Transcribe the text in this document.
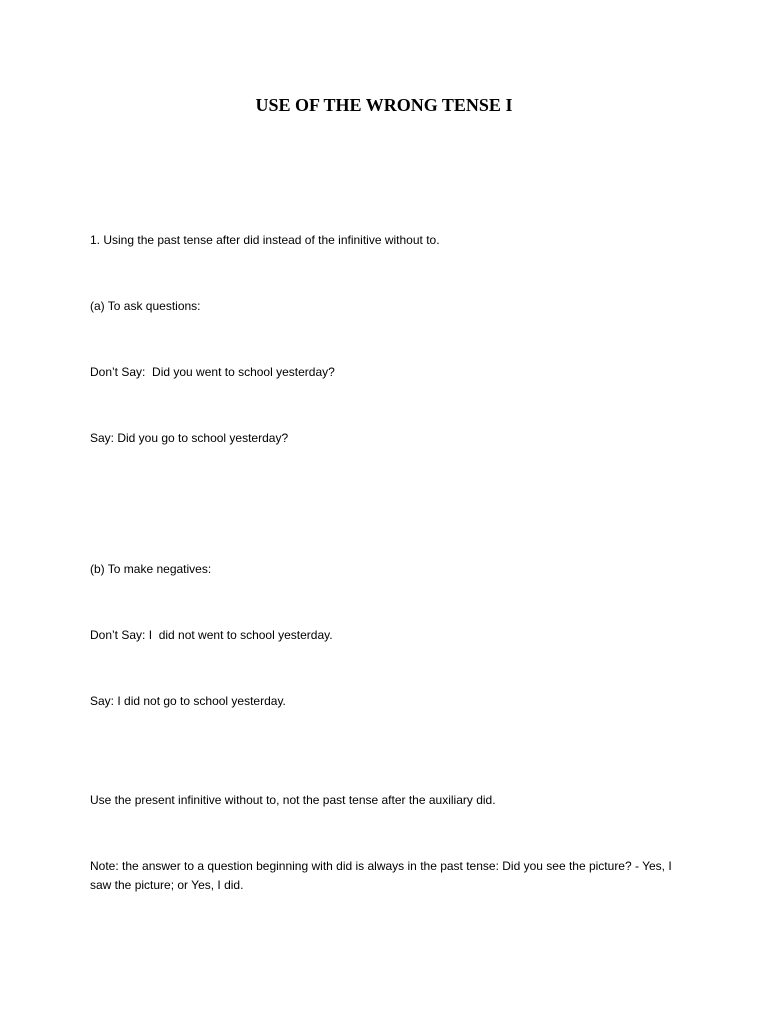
USE OF THE WRONG TENSE I

1. Using the past tense after did instead of the infinitive without to.

(a) To ask questions:

Don’t Say:  Did you went to school yesterday?

Say: Did you go to school yesterday?

(b) To make negatives:

Don’t Say: I  did not went to school yesterday.

Say: I did not go to school yesterday.

Use the present infinitive without to, not the past tense after the auxiliary did.

Note: the answer to a question beginning with did is always in the past tense: Did you see the picture? - Yes, I saw the picture; or Yes, I did.
